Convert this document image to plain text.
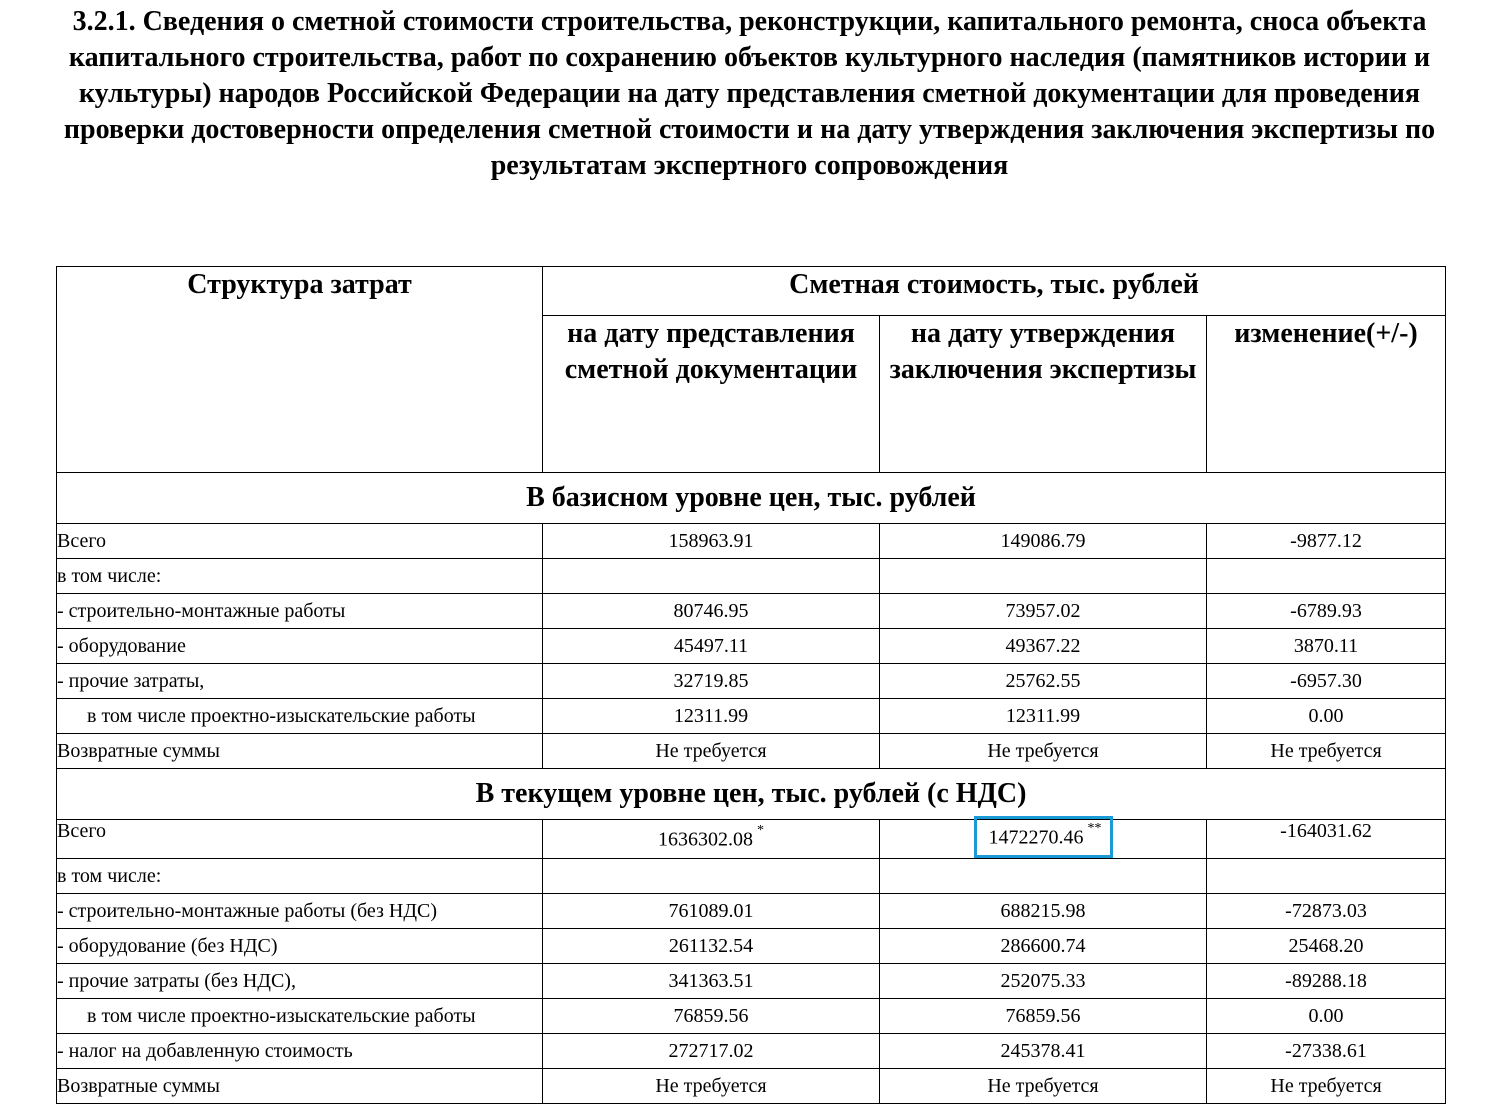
3.2.1. Сведения о сметной стоимости строительства, реконструкции, капитального ремонта, сноса объекта капитального строительства, работ по сохранению объектов культурного наследия (памятников истории и культуры) народов Российской Федерации на дату представления сметной документации для проведения проверки достоверности определения сметной стоимости и на дату утверждения заключения экспертизы по результатам экспертного сопровождения
Структура затрат	Сметная стоимость, тыс. рублей		
	на дату представления сметной документации	на дату утверждения заключения экспертизы	изменение(+/-)
В базисном уровне цен, тыс. рублей			
Всего	158963.91	149086.79	-9877.12
в том числе:			
- строительно-монтажные работы	80746.95	73957.02	-6789.93
- оборудование	45497.11	49367.22	3870.11
- прочие затраты,	32719.85	25762.55	-6957.30
в том числе проектно-изыскательские работы	12311.99	12311.99	0.00
Возвратные суммы	Не требуется	Не требуется	Не требуется
В текущем уровне цен, тыс. рублей (с НДС)			
Всего	1636302.08 *	1472270.46 **	-164031.62
в том числе:			
- строительно-монтажные работы (без НДС)	761089.01	688215.98	-72873.03
- оборудование (без НДС)	261132.54	286600.74	25468.20
- прочие затраты (без НДС),	341363.51	252075.33	-89288.18
в том числе проектно-изыскательские работы	76859.56	76859.56	0.00
- налог на добавленную стоимость	272717.02	245378.41	-27338.61
Возвратные суммы	Не требуется	Не требуется	Не требуется
